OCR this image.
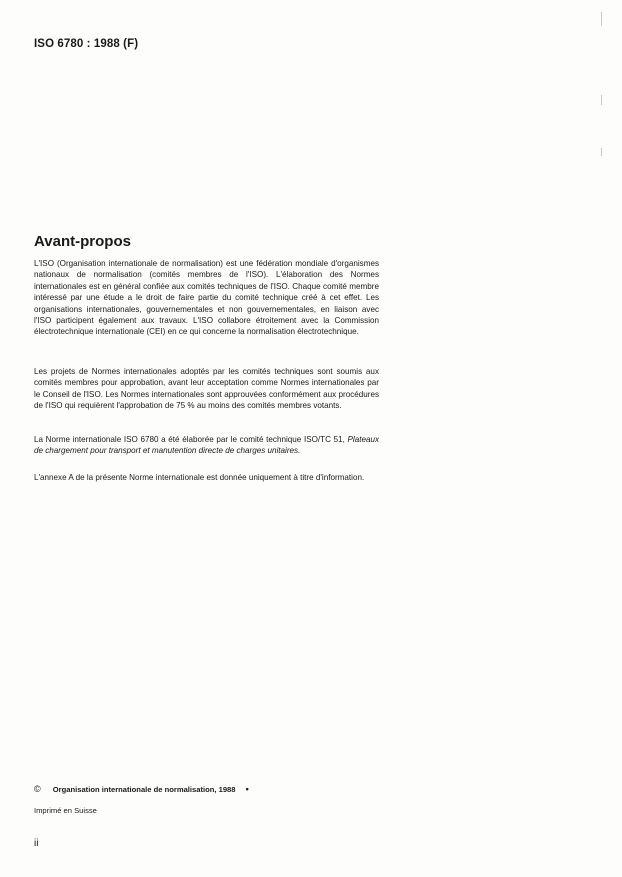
ISO 6780 : 1988 (F)
Avant-propos

L'ISO (Organisation internationale de normalisation) est une fédération mondiale d'organismes nationaux de normalisation (comités membres de l'ISO). L'élaboration des Normes internationales est en général confiée aux comités techniques de l'ISO. Chaque comité membre intéressé par une étude a le droit de faire partie du comité technique créé à cet effet. Les organisations internationales, gouvernementales et non gouvernementales, en liaison avec l'ISO participent également aux travaux. L'ISO collabore étroitement avec la Commission électrotechnique internationale (CEI) en ce qui concerne la normalisation électrotechnique.

Les projets de Normes internationales adoptés par les comités techniques sont soumis aux comités membres pour approbation, avant leur acceptation comme Normes internationales par le Conseil de l'ISO. Les Normes internationales sont approuvées conformément aux procédures de l'ISO qui requièrent l'approbation de 75 % au moins des comités membres votants.

La Norme internationale ISO 6780 a été élaborée par le comité technique ISO/TC 51, Plateaux de chargement pour transport et manutention directe de charges unitaires.

L'annexe A de la présente Norme internationale est donnée uniquement à titre d'information.

© Organisation internationale de normalisation, 1988 •
Imprimé en Suisse
ii
